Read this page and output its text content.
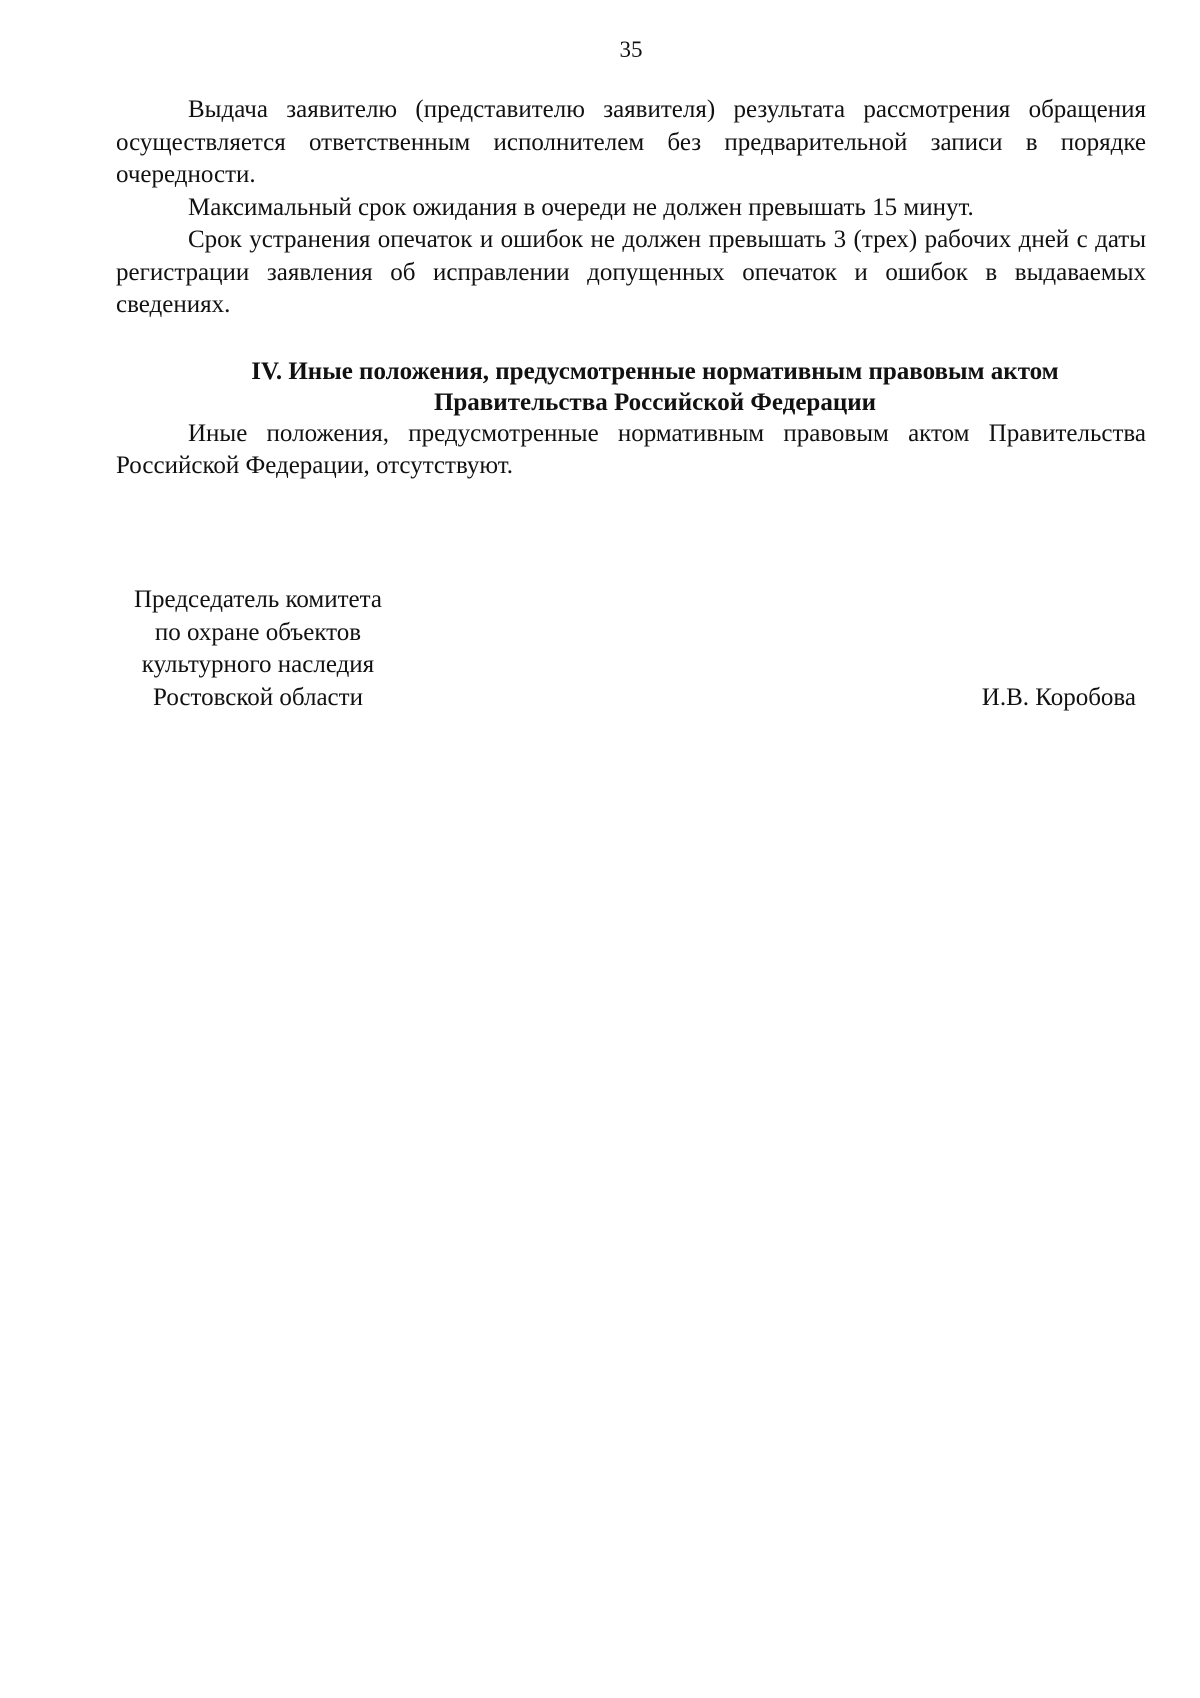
35

Выдача заявителю (представителю заявителя) результата рассмотрения обращения осуществляется ответственным исполнителем без предварительной записи в порядке очередности.

Максимальный срок ожидания в очереди не должен превышать 15 минут.

Срок устранения опечаток и ошибок не должен превышать 3 (трех) рабочих дней с даты регистрации заявления об исправлении допущенных опечаток и ошибок в выдаваемых сведениях.

IV. Иные положения, предусмотренные нормативным правовым актом
Правительства Российской Федерации

Иные положения, предусмотренные нормативным правовым актом Правительства Российской Федерации, отсутствуют.

Председатель комитета
по охране объектов
культурного наследия
Ростовской области	И.В. Коробова
